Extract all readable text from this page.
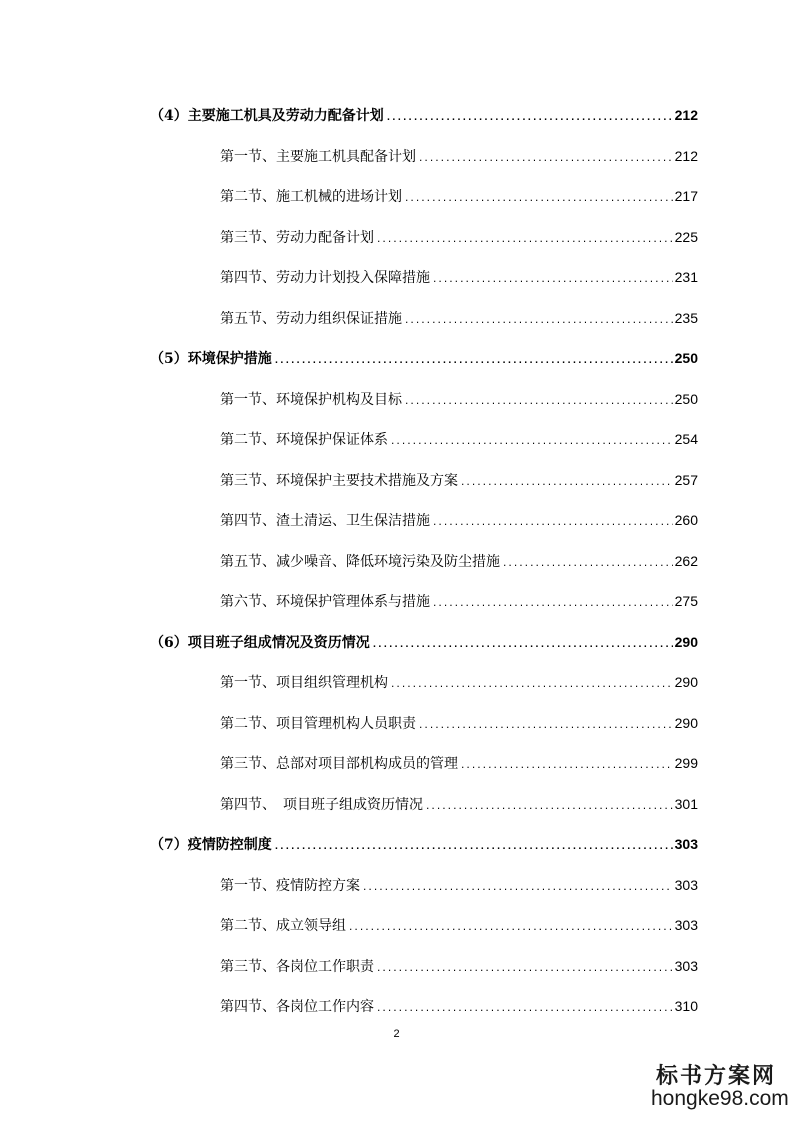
（4）主要施工机具及劳动力配备计划 .....	212
第一节、主要施工机具配备计划 .....	212
第二节、施工机械的进场计划 .....	217
第三节、劳动力配备计划 .....	225
第四节、劳动力计划投入保障措施 .....	231
第五节、劳动力组织保证措施 .....	235
（5）环境保护措施 .....	250
第一节、环境保护机构及目标 .....	250
第二节、环境保护保证体系 .....	254
第三节、环境保护主要技术措施及方案 .....	257
第四节、渣土清运、卫生保洁措施 .....	260
第五节、减少噪音、降低环境污染及防尘措施 .....	262
第六节、环境保护管理体系与措施 .....	275
（6）项目班子组成情况及资历情况 .....	290
第一节、项目组织管理机构 .....	290
第二节、项目管理机构人员职责 .....	290
第三节、总部对项目部机构成员的管理 .....	299
第四节、　项目班子组成资历情况 .....	301
（7）疫情防控制度 .....	303
第一节、疫情防控方案 .....	303
第二节、成立领导组 .....	303
第三节、各岗位工作职责 .....	303
第四节、各岗位工作内容 .....	310
2
标书方案网
hongke98.com
